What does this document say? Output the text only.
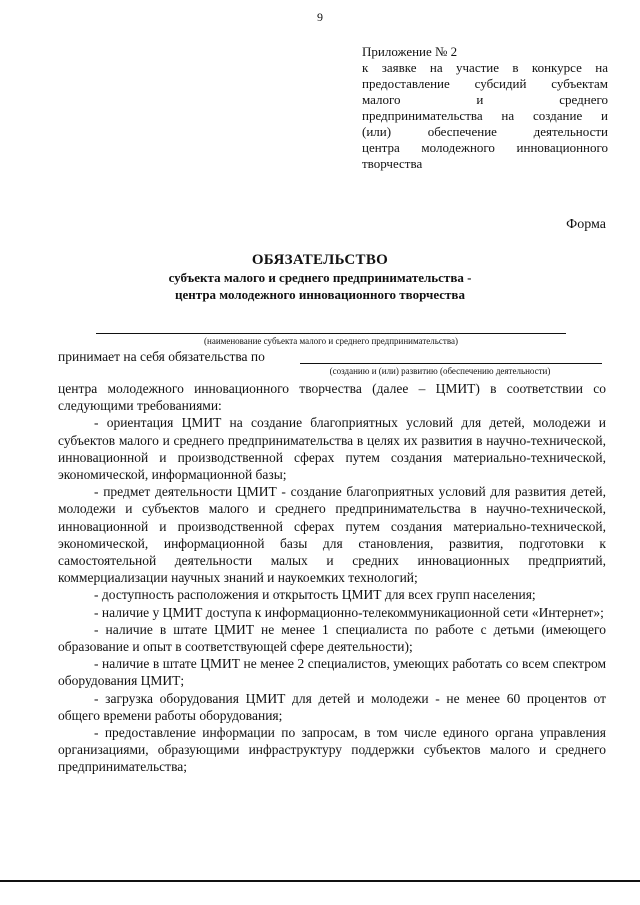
9
Приложение № 2
к заявке на участие в конкурсе на
предоставление субсидий субъектам
малого и среднего
предпринимательства на создание и
(или) обеспечение деятельности
центра молодежного инновационного
творчества
Форма
ОБЯЗАТЕЛЬСТВО
субъекта малого и среднего предпринимательства -
центра молодежного инновационного творчества
(наименование субъекта малого и среднего предпринимательства)
принимает на себя обязательства по
(созданию и (или) развитию (обеспечению деятельности)

центра молодежного инновационного творчества (далее – ЦМИТ) в соответствии со следующими требованиями:

- ориентация ЦМИТ на создание благоприятных условий для детей, молодежи и субъектов малого и среднего предпринимательства в целях их развития в научно-технической, инновационной и производственной сферах путем создания материально-технической, экономической, информационной базы;

- предмет деятельности ЦМИТ - создание благоприятных условий для развития детей, молодежи и субъектов малого и среднего предпринимательства в научно-технической, инновационной и производственной сферах путем создания материально-технической, экономической, информационной базы для становления, развития, подготовки к самостоятельной деятельности малых и средних инновационных предприятий, коммерциализации научных знаний и наукоемких технологий;

- доступность расположения и открытость ЦМИТ для всех групп населения;

- наличие у ЦМИТ доступа к информационно-телекоммуникационной сети «Интернет»;

- наличие в штате ЦМИТ не менее 1 специалиста по работе с детьми (имеющего образование и опыт в соответствующей сфере деятельности);

- наличие в штате ЦМИТ не менее 2 специалистов, умеющих работать со всем спектром оборудования ЦМИТ;

- загрузка оборудования ЦМИТ для детей и молодежи - не менее 60 процентов от общего времени работы оборудования;

- предоставление информации по запросам, в том числе единого органа управления организациями, образующими инфраструктуру поддержки субъектов малого и среднего предпринимательства;
